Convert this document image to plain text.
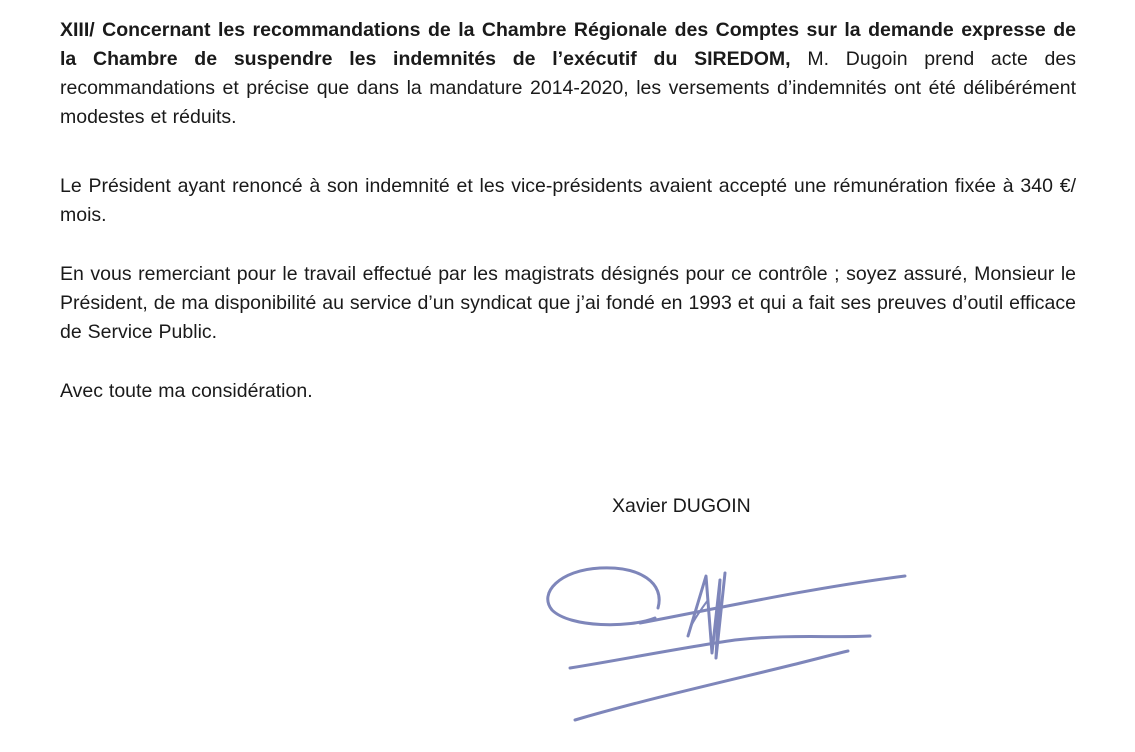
XIII/ Concernant les recommandations de la Chambre Régionale des Comptes sur la demande expresse de la Chambre de suspendre les indemnités de l’exécutif du SIREDOM, M. Dugoin prend acte des recommandations et précise que dans la mandature 2014-2020, les versements d’indemnités ont été délibérément modestes et réduits.

Le Président ayant renoncé à son indemnité et les vice-présidents avaient accepté une rémunération fixée à 340 €/ mois.

En vous remerciant pour le travail effectué par les magistrats désignés pour ce contrôle ; soyez assuré, Monsieur le Président, de ma disponibilité au service d’un syndicat que j’ai fondé en 1993 et qui a fait ses preuves d’outil efficace de Service Public.

Avec toute ma considération.

Xavier DUGOIN
